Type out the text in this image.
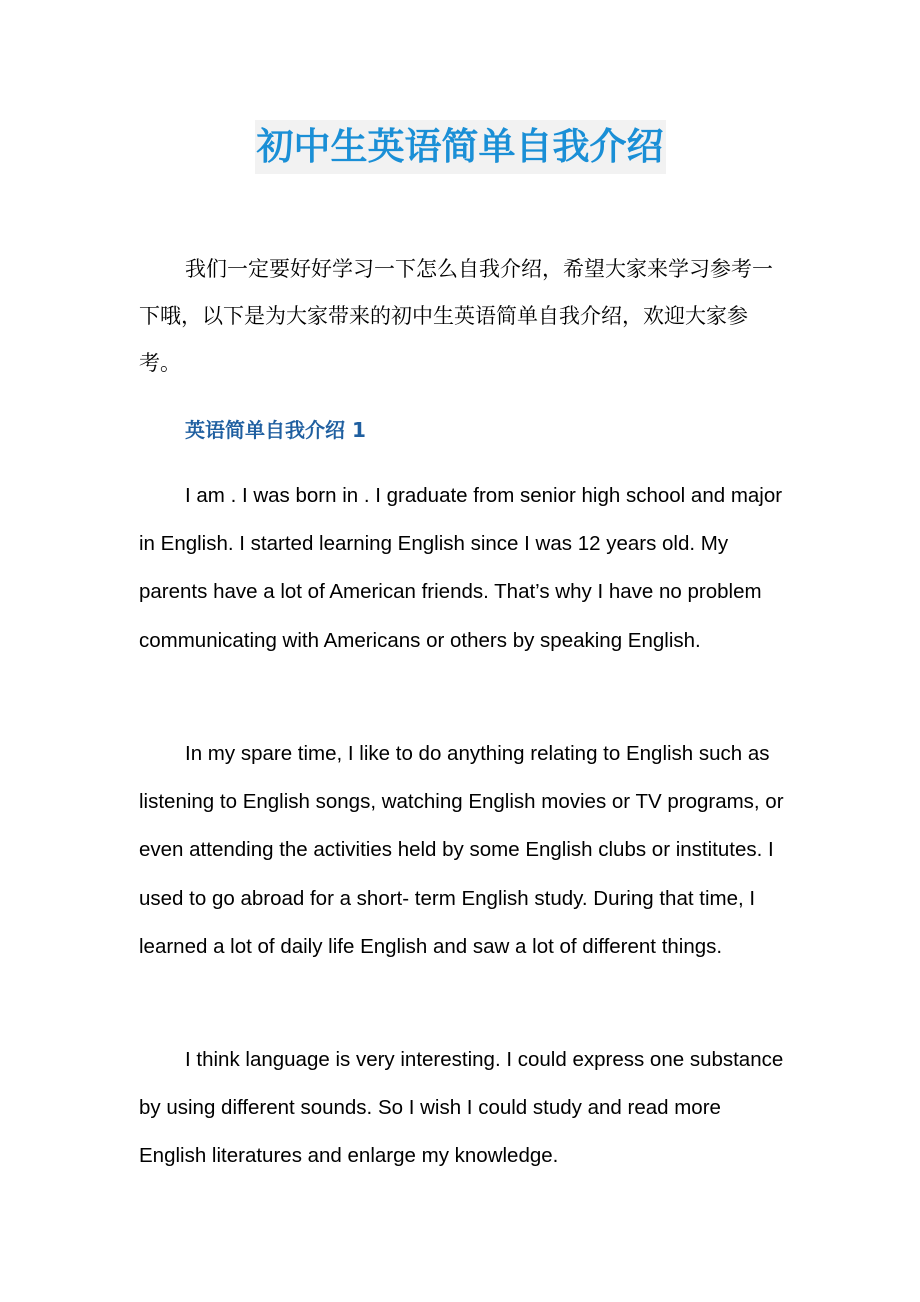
初中生英语简单自我介绍

我们一定要好好学习一下怎么自我介绍，希望大家来学习参考一下哦，以下是为大家带来的初中生英语简单自我介绍，欢迎大家参考。

英语简单自我介绍 1

I am . I was born in . I graduate from senior high school and major in English. I started learning English since I was 12 years old. My parents have a lot of American friends. That’s why I have no problem communicating with Americans or others by speaking English.

In my spare time, I like to do anything relating to English such as listening to English songs, watching English movies or TV programs, or even attending the activities held by some English clubs or institutes. I used to go abroad for a short- term English study. During that time, I learned a lot of daily life English and saw a lot of different things.

I think language is very interesting. I could express one substance by using different sounds. So I wish I could study and read more English literatures and enlarge my knowledge.
